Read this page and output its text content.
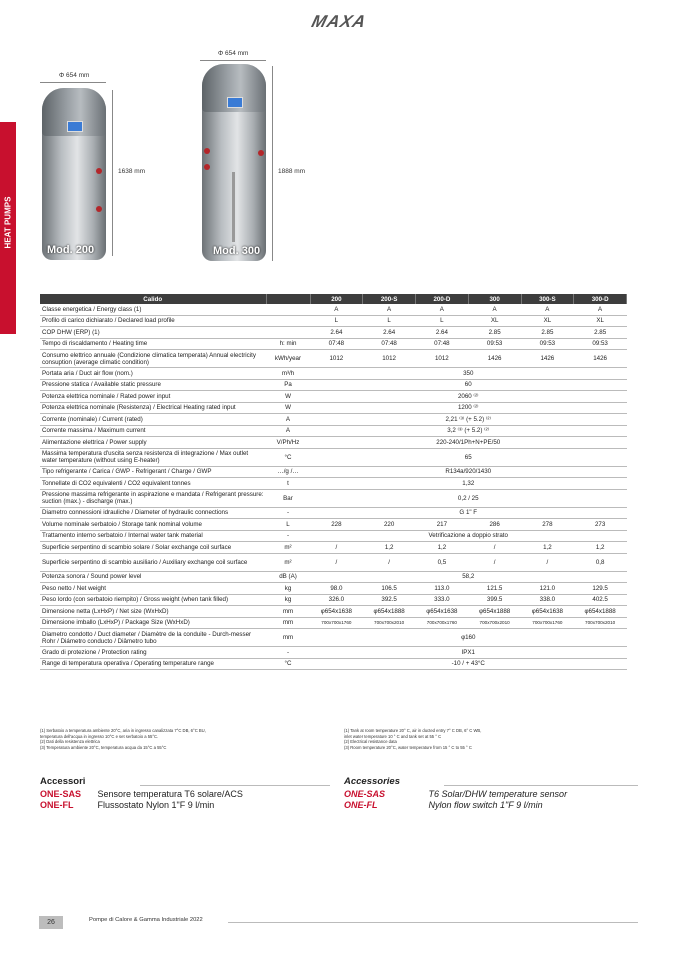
MAXA
HEAT PUMPS
Φ 654 mm
1638 mm
Mod. 200
Φ 654 mm
1888 mm
Mod. 300
Calido		200	200-S	200-D	300	300-S	300-D
Classe energetica / Energy class (1)		A	A	A	A	A	A
Profilo di carico dichiarato / Declared load profile		L	L	L	XL	XL	XL
COP DHW (ERP) (1)		2.64	2.64	2.64	2.85	2.85	2.85
Tempo di riscaldamento / Heating time	h: min	07:48	07:48	07:48	09:53	09:53	09:53
Consumo elettrico annuale (Condizione climatica temperata) Annual electricity consuption (average climatic condition)	kWh/year	1012	1012	1012	1426	1426	1426
Portata aria / Duct air flow (nom.)	m³/h	350					
Pressione statica / Available static pressure	Pa	60					
Potenza elettrica nominale / Rated power input	W	2060 ⁽²⁾					
Potenza elettrica nominale (Resistenza) / Electrical Heating rated input	W	1200 ⁽²⁾					
Corrente (nominale) / Current (rated)	A	2,21 ⁽³⁾ (+ 5.2) ⁽²⁾					
Corrente massima / Maximum current	A	3,2 ⁽³⁾ (+ 5.2) ⁽²⁾					
Alimentazione elettrica / Power supply	V/Ph/Hz	220-240/1Ph+N+PE/50					
Massima temperatura d'uscita senza resistenza di integrazione / Max outlet water temperature (without using E-heater)	°C	65					
Tipo refrigerante / Carica / GWP - Refrigerant / Charge / GWP	…/g /…	R134a/920/1430					
Tonnellate di CO2 equivalenti / CO2 equivalent tonnes	t	1,32					
Pressione massima refrigerante in aspirazione e mandata / Refrigerant pressure: suction (max.) - discharge (max.)	Bar	0,2 / 25					
Diametro connessioni idrauliche / Diameter of hydraulic connections	-	G 1" F					
Volume nominale serbatoio / Storage tank nominal volume	L	228	220	217	286	278	273
Trattamento interno serbatoio / Internal water tank material	-	Vetrificazione a doppio strato					
Superficie serpentino di scambio solare / Solar exchange coil surface	m²	/	1,2	1,2	/	1,2	1,2
Superficie serpentino di scambio ausiliario / Auxiliary exchange coil surface	m²	/	/	0,5	/	/	0,8
Potenza sonora / Sound power level	dB (A)	58,2					
Peso netto / Net weight	kg	98.0	106.5	113.0	121.5	121.0	129.5
Peso lordo (con serbatoio riempito) / Gross weight (when tank filled)	kg	326.0	392.5	333.0	399.5	338.0	402.5
Dimensione netta (LxHxP) / Net size (WxHxD)	mm	φ654x1638	φ654x1888	φ654x1638	φ654x1888	φ654x1638	φ654x1888
Dimensione imballo (LxHxP) / Package Size (WxHxD)	mm	700x700x1760	700x700x2010	700x700x1760	700x700x2010	700x700x1760	700x700x2010
Diametro condotto / Duct diameter / Diamètre de la conduite - Durch-messer Rohr / Diámetro conducto / Diâmetro tubo	mm	φ160					
Grado di protezione / Protection rating	-	IPX1					
Range di temperatura operativa / Operating temperature range	°C	-10 / + 43°C					
(1) Serbatoio a temperatura ambiente 20°C, aria in ingresso canalizzata 7°C DB, 6°C BU,
temperatura dell'acqua in ingresso 10°C e set serbatoio a 55°C.
(2) Dati della resistenza elettrica
(3) Temperatura ambiente 20°C, temperatura acqua da 15°C a 55°C
(1) Tank at room temperature 20° C, air in ducted entry 7° C DB, 6° C WB,
inlet water temperature 10 ° C and tank set at 55 ° C
(2) Electrical resistance data
(3) Room temperature 20°C, water temperature from 15 ° C to 55 ° C
Accessori
ONE-SAS Sensore temperatura T6 solare/ACS
ONE-FL	Flussostato Nylon 1"F 9 l/min
Accessories
ONE-SAS	T6 Solar/DHW temperature sensor
ONE-FL	Nylon flow switch 1"F 9 l/min
26	Pompe di Calore & Gamma Industriale 2022
